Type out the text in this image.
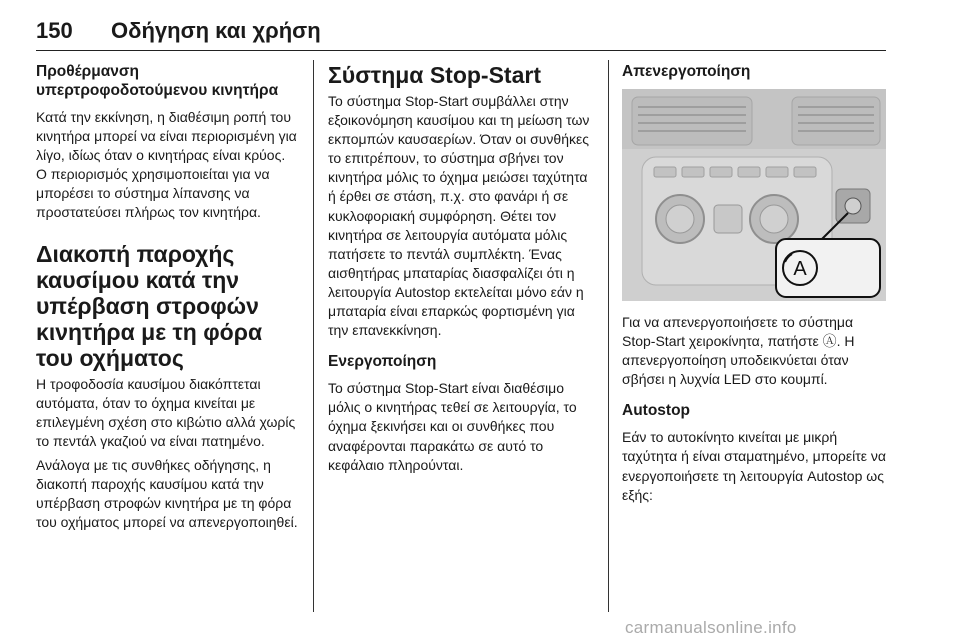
150 Οδήγηση και χρήση
Προθέρμανση υπερτροφοδοτούμενου κινητήρα
Κατά την εκκίνηση, η διαθέσιμη ροπή του κινητήρα μπορεί να είναι περιορισμένη για λίγο, ιδίως όταν ο κινητήρας είναι κρύος. Ο περιορισμός χρησιμοποιείται για να μπορέσει το σύστημα λίπανσης να προστατεύσει πλήρως τον κινητήρα.
Διακοπή παροχής καυσίμου κατά την υπέρβαση στροφών κινητήρα με τη φόρα του οχήματος
Η τροφοδοσία καυσίμου διακόπτεται αυτόματα, όταν το όχημα κινείται με επιλεγμένη σχέση στο κιβώτιο αλλά χωρίς το πεντάλ γκαζιού να είναι πατημένο.
Ανάλογα με τις συνθήκες οδήγησης, η διακοπή παροχής καυσίμου κατά την υπέρβαση στροφών κινητήρα με τη φόρα του οχήματος μπορεί να απενεργοποιηθεί.
Σύστημα Stop-Start
Το σύστημα Stop-Start συμβάλλει στην εξοικονόμηση καυσίμου και τη μείωση των εκπομπών καυσαερίων. Όταν οι συνθήκες το επιτρέπουν, το σύστημα σβήνει τον κινητήρα μόλις το όχημα μειώσει ταχύτητα ή έρθει σε στάση, π.χ. στο φανάρι ή σε κυκλοφοριακή συμφόρηση. Θέτει τον κινητήρα σε λειτουργία αυτόματα μόλις πατήσετε το πεντάλ συμπλέκτη. Ένας αισθητήρας μπαταρίας διασφαλίζει ότι η λειτουργία Autostop εκτελείται μόνο εάν η μπαταρία είναι επαρκώς φορτισμένη για την επανεκκίνηση.
Ενεργοποίηση
Το σύστημα Stop-Start είναι διαθέσιμο μόλις ο κινητήρας τεθεί σε λειτουργία, το όχημα ξεκινήσει και οι συνθήκες που αναφέρονται παρακάτω σε αυτό το κεφάλαιο πληρούνται.
Απενεργοποίηση
A
Για να απενεργοποιήσετε το σύστημα Stop-Start χειροκίνητα, πατήστε Ⓐ. Η απενεργοποίηση υποδεικνύεται όταν σβήσει η λυχνία LED στο κουμπί.
Autostop
Εάν το αυτοκίνητο κινείται με μικρή ταχύτητα ή είναι σταματημένο, μπορείτε να ενεργοποιήσετε τη λειτουργία Autostop ως εξής:
carmanualsonline.info
